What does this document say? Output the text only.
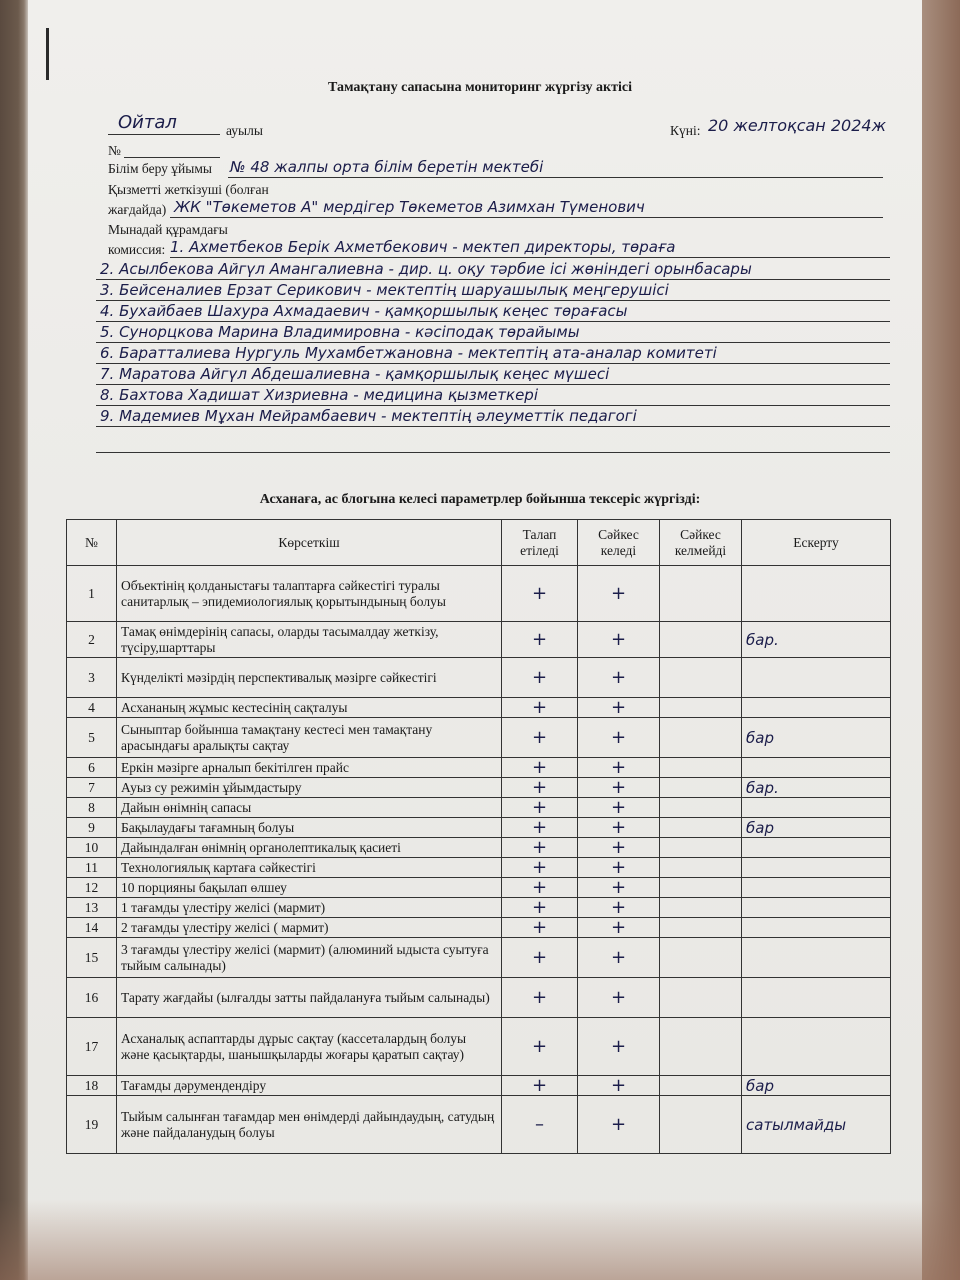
Тамақтану сапасына мониторинг жүргізу актісі
Ойтал	ауылы	Күні: 20 желтоқсан 2024ж
№
Білім беру ұйымы № 48 жалпы орта білім беретін мектебі
Қызметті жеткізуші (болған
жағдайда) ЖК "Төкеметов А" мердігер Төкеметов Азимхан Түменович
Мынадай құрамдағы
комиссия: 1. Ахметбеков Берік Ахметбекович - мектеп директоры, төраға
2. Асылбекова Айгүл Амангалиевна - дир. ц. оқу тәрбие ісі жөніндегі орынбасары
3. Бейсеналиев Ерзат Серикович - мектептің шаруашылық меңгерушісі
4. Бухайбаев Шахура Ахмадаевич - қамқоршылық кеңес төрағасы
5. Сунорцкова Марина Владимировна - кәсіподақ төрайымы
6. Баратталиева Нургуль Мухамбетжановна - мектептің ата-аналар комитеті
7. Маратова Айгүл Абдешалиевна - қамқоршылық кеңес мүшесі
8. Бахтова Хадишат Хизриевна - медицина қызметкері
9. Мадемиев Мұхан Мейрамбаевич - мектептің әлеуметтік педагогі
Асханаға, ас блогына келесі параметрлер бойынша тексеріс жүргізді:
№	Көрсеткіш	Талап етіледі	Сәйкес келеді	Сәйкес келмейді	Ескерту
1	Объектінің қолданыстағы талаптарға сәйкестігі туралы санитарлық – эпидемиологиялық қорытындының болуы	+	+		
2	Тамақ өнімдерінің сапасы, оларды тасымалдау жеткізу, түсіру,шарттары	+	+		бар.
3	Күнделікті мәзірдің перспективалық мәзірге сәйкестігі	+	+		
4	Асхананың жұмыс кестесінің сақталуы	+	+		
5	Сыныптар бойынша тамақтану кестесі мен тамақтану арасындағы аралықты сақтау	+	+		бар
6	Еркін мәзірге арналып бекітілген прайс	+	+		
7	Ауыз су режимін ұйымдастыру	+	+		бар.
8	Дайын өнімнің сапасы	+	+		
9	Бақылаудағы тағамның болуы	+	+		бар
10	Дайындалған өнімнің органолептикалық қасиеті	+	+		
11	Технологиялық картаға сәйкестігі	+	+		
12	10 порцияны бақылап өлшеу	+	+		
13	1 тағамды үлестіру желісі (мармит)	+	+		
14	2 тағамды үлестіру желісі ( мармит)	+	+		
15	3 тағамды үлестіру желісі (мармит) (алюминий ыдыста суытуға тыйым салынады)	+	+		
16	Тарату жағдайы (ылғалды затты пайдалануға тыйым салынады)	+	+		
17	Асханалық аспаптарды дұрыс сақтау (кассеталардың болуы және қасықтарды, шанышқыларды жоғары қаратып сақтау)	+	+		
18	Тағамды дәрумендендіру	+	+		бар
19	Тыйым салынған тағамдар мен өнімдерді дайындаудың, сатудың және пайдаланудың болуы	–	+		сатылмайды
